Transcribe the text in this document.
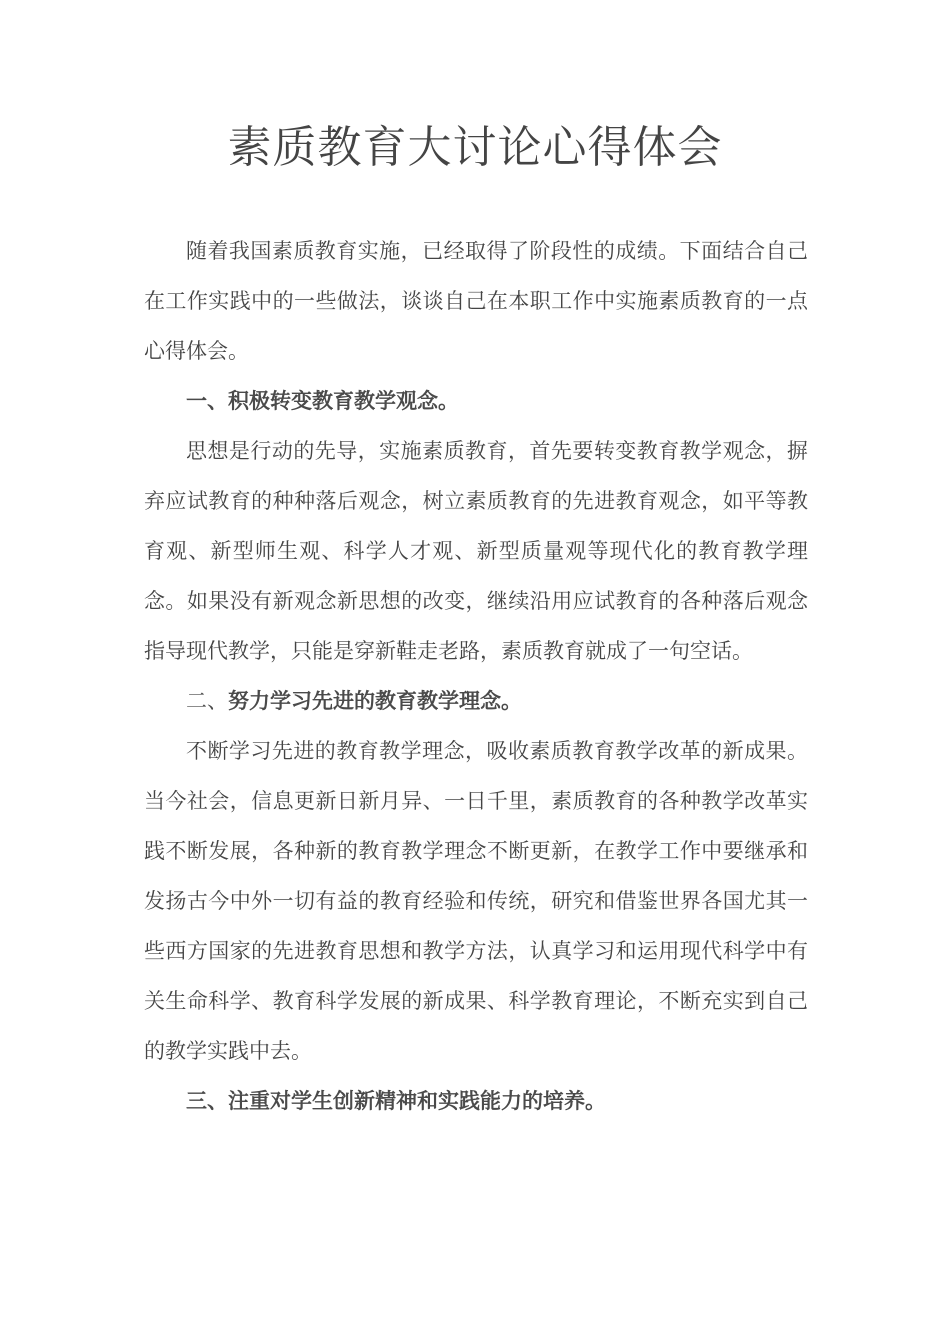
素质教育大讨论心得体会

随着我国素质教育实施，已经取得了阶段性的成绩。下面结合自己在工作实践中的一些做法，谈谈自己在本职工作中实施素质教育的一点心得体会。

一、积极转变教育教学观念。

思想是行动的先导，实施素质教育，首先要转变教育教学观念，摒弃应试教育的种种落后观念，树立素质教育的先进教育观念，如平等教育观、新型师生观、科学人才观、新型质量观等现代化的教育教学理念。如果没有新观念新思想的改变，继续沿用应试教育的各种落后观念指导现代教学，只能是穿新鞋走老路，素质教育就成了一句空话。

二、努力学习先进的教育教学理念。

不断学习先进的教育教学理念，吸收素质教育教学改革的新成果。当今社会，信息更新日新月异、一日千里，素质教育的各种教学改革实践不断发展，各种新的教育教学理念不断更新，在教学工作中要继承和发扬古今中外一切有益的教育经验和传统，研究和借鉴世界各国尤其一些西方国家的先进教育思想和教学方法，认真学习和运用现代科学中有关生命科学、教育科学发展的新成果、科学教育理论，不断充实到自己的教学实践中去。

三、注重对学生创新精神和实践能力的培养。
